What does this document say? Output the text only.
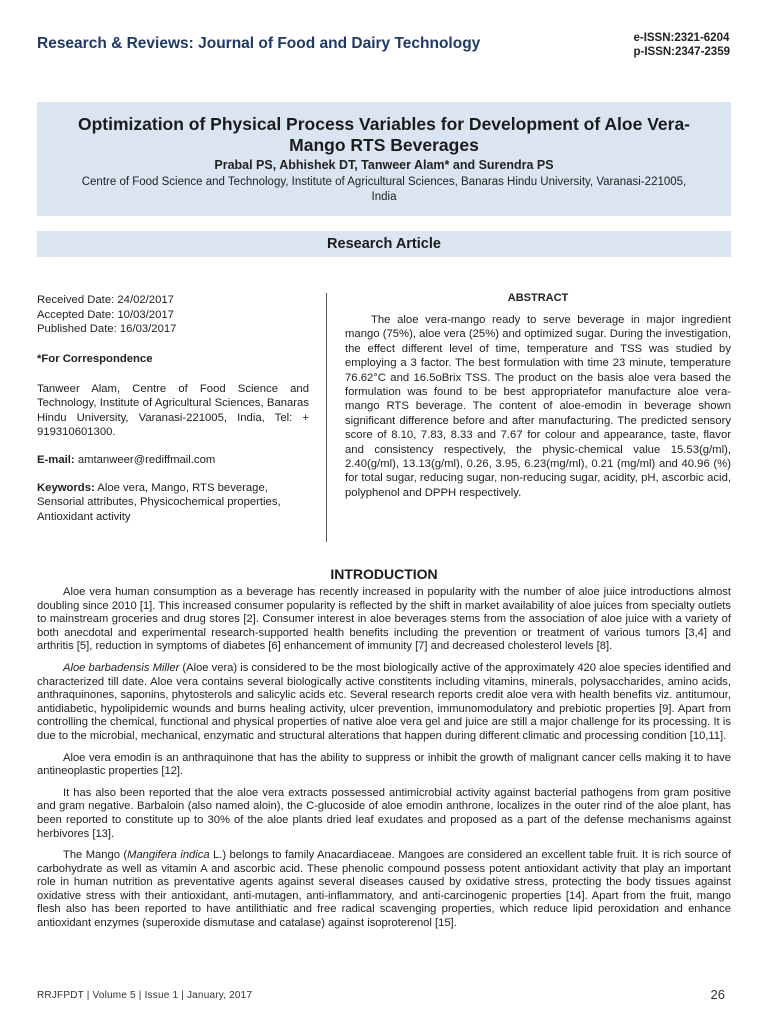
Research & Reviews: Journal of Food and Dairy Technology	e-ISSN:2321-6204
p-ISSN:2347-2359
Optimization of Physical Process Variables for Development of Aloe Vera-Mango RTS Beverages
Prabal PS, Abhishek DT, Tanweer Alam* and Surendra PS
Centre of Food Science and Technology, Institute of Agricultural Sciences, Banaras Hindu University, Varanasi-221005, India
Research Article
Received Date: 24/02/2017
Accepted Date: 10/03/2017
Published Date: 16/03/2017
*For Correspondence
Tanweer Alam, Centre of Food Science and Technology, Institute of Agricultural Sciences, Banaras Hindu University, Varanasi-221005, India, Tel: + 919310601300.
E-mail: amtanweer@rediffmail.com
Keywords: Aloe vera, Mango, RTS beverage, Sensorial attributes, Physicochemical properties, Antioxidant activity
ABSTRACT

The aloe vera-mango ready to serve beverage in major ingredient mango (75%), aloe vera (25%) and optimized sugar. During the investigation, the effect different level of time, temperature and TSS was studied by employing a 3 factor. The best formulation with time 23 minute, temperature 76.62°C and 16.5oBrix TSS. The product on the basis aloe vera based the formulation was found to be best appropriatefor manufacture aloe vera-mango RTS beverage. The content of aloe-emodin in beverage shown significant difference before and after manufacturing. The predicted sensory score of 8.10, 7.83, 8.33 and 7.67 for colour and appearance, taste, flavor and consistency respectively, the physic-chemical value 15.53(g/ml), 2.40(g/ml), 13.13(g/ml), 0.26, 3.95, 6.23(mg/ml), 0.21 (mg/ml) and 40.96 (%) for total sugar, reducing sugar, non-reducing sugar, acidity, pH, ascorbic acid, polyphenol and DPPH respectively.

INTRODUCTION

Aloe vera human consumption as a beverage has recently increased in popularity with the number of aloe juice introductions almost doubling since 2010 [1]. This increased consumer popularity is reflected by the shift in market availability of aloe juices from specialty outlets to mainstream groceries and drug stores [2]. Consumer interest in aloe beverages stems from the association of aloe juice with a variety of both anecdotal and experimental research-supported health benefits including the prevention or treatment of various tumors [3,4] and arthritis [5], reduction in symptoms of diabetes [6] enhancement of immunity [7] and decreased cholesterol levels [8].

Aloe barbadensis Miller (Aloe vera) is considered to be the most biologically active of the approximately 420 aloe species identified and characterized till date. Aloe vera contains several biologically active constitents including vitamins, minerals, polysaccharides, amino acids, anthraquinones, saponins, phytosterols and salicylic acids etc. Several research reports credit aloe vera with health benefits viz. antitumour, antidiabetic, hypolipidemic wounds and burns healing activity, ulcer prevention, immunomodulatory and prebiotic properties [9]. Apart from controlling the chemical, functional and physical properties of native aloe vera gel and juice are still a major challenge for its processing. It is due to the microbial, mechanical, enzymatic and structural alterations that happen during different climatic and processing condition [10,11].

Aloe vera emodin is an anthraquinone that has the ability to suppress or inhibit the growth of malignant cancer cells making it to have antineoplastic properties [12].

It has also been reported that the aloe vera extracts possessed antimicrobial activity against bacterial pathogens from gram positive and gram negative. Barbaloin (also named aloin), the C-glucoside of aloe emodin anthrone, localizes in the outer rind of the aloe plant, has been reported to constitute up to 30% of the aloe plants dried leaf exudates and proposed as a part of the defense mechanisms against herbivores [13].

The Mango (Mangifera indica L.) belongs to family Anacardiaceae. Mangoes are considered an excellent table fruit. It is rich source of carbohydrate as well as vitamin A and ascorbic acid. These phenolic compound possess potent antioxidant activity that play an important role in human nutrition as preventative agents against several diseases caused by oxidative stress, protecting the body tissues against oxidative stress with their antioxidant, anti-mutagen, anti-inflammatory, and anti-carcinogenic properties [14]. Apart from the fruit, mango flesh also has been reported to have antilithiatic and free radical scavenging properties, which reduce lipid peroxidation and enhance antioxidant enzymes (superoxide dismutase and catalase) against isoproterenol [15].

RRJFPDT | Volume 5 | Issue 1 | January, 2017	26
